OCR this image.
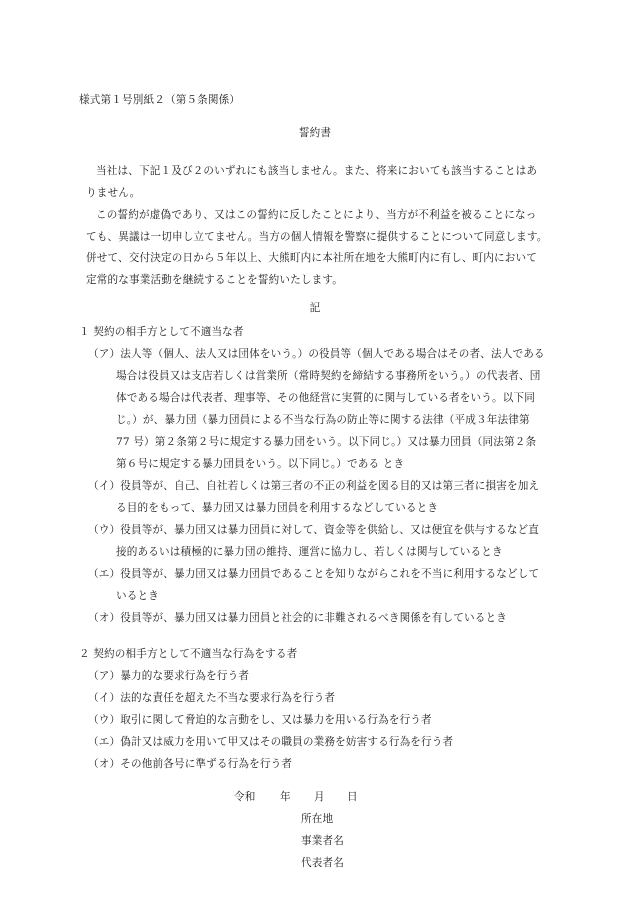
様式第１号別紙２（第５条関係）
誓約書
当社は、下記１及び２のいずれにも該当しません。また、将来においても該当することはあ
りません。
この誓約が虚偽であり、又はこの誓約に反したことにより、当方が不利益を被ることになっ
ても、異議は一切申し立てません。当方の個人情報を警察に提供することについて同意します。
併せて、交付決定の日から５年以上、大熊町内に本社所在地を大熊町内に有し、町内において
定常的な事業活動を継続することを誓約いたします。
記
１ 契約の相手方として不適当な者
（ア）法人等（個人、法人又は団体をいう。）の役員等（個人である場合はその者、法人である
場合は役員又は支店若しくは営業所（常時契約を締結する事務所をいう。）の代表者、団
体である場合は代表者、理事等、その他経営に実質的に関与している者をいう。以下同
じ。）が、暴力団（暴力団員による不当な行為の防止等に関する法律（平成３年法律第
77 号）第２条第２号に規定する暴力団をいう。以下同じ。）又は暴力団員（同法第２条
第６号に規定する暴力団員をいう。以下同じ。）である とき
（イ）役員等が、自己、自社若しくは第三者の不正の利益を図る目的又は第三者に損害を加え
る目的をもって、暴力団又は暴力団員を利用するなどしているとき
（ウ）役員等が、暴力団又は暴力団員に対して、資金等を供給し、又は便宜を供与するなど直
接的あるいは積極的に暴力団の維持、運営に協力し、若しくは関与しているとき
（エ）役員等が、暴力団又は暴力団員であることを知りながらこれを不当に利用するなどして
いるとき
（オ）役員等が、暴力団又は暴力団員と社会的に非難されるべき関係を有しているとき
２ 契約の相手方として不適当な行為をする者
（ア）暴力的な要求行為を行う者
（イ）法的な責任を超えた不当な要求行為を行う者
（ウ）取引に関して脅迫的な言動をし、又は暴力を用いる行為を行う者
（エ）偽計又は威力を用いて甲又はその職員の業務を妨害する行為を行う者
（オ）その他前各号に準ずる行為を行う者
令和 年 月 日
所在地
事業者名
代表者名
